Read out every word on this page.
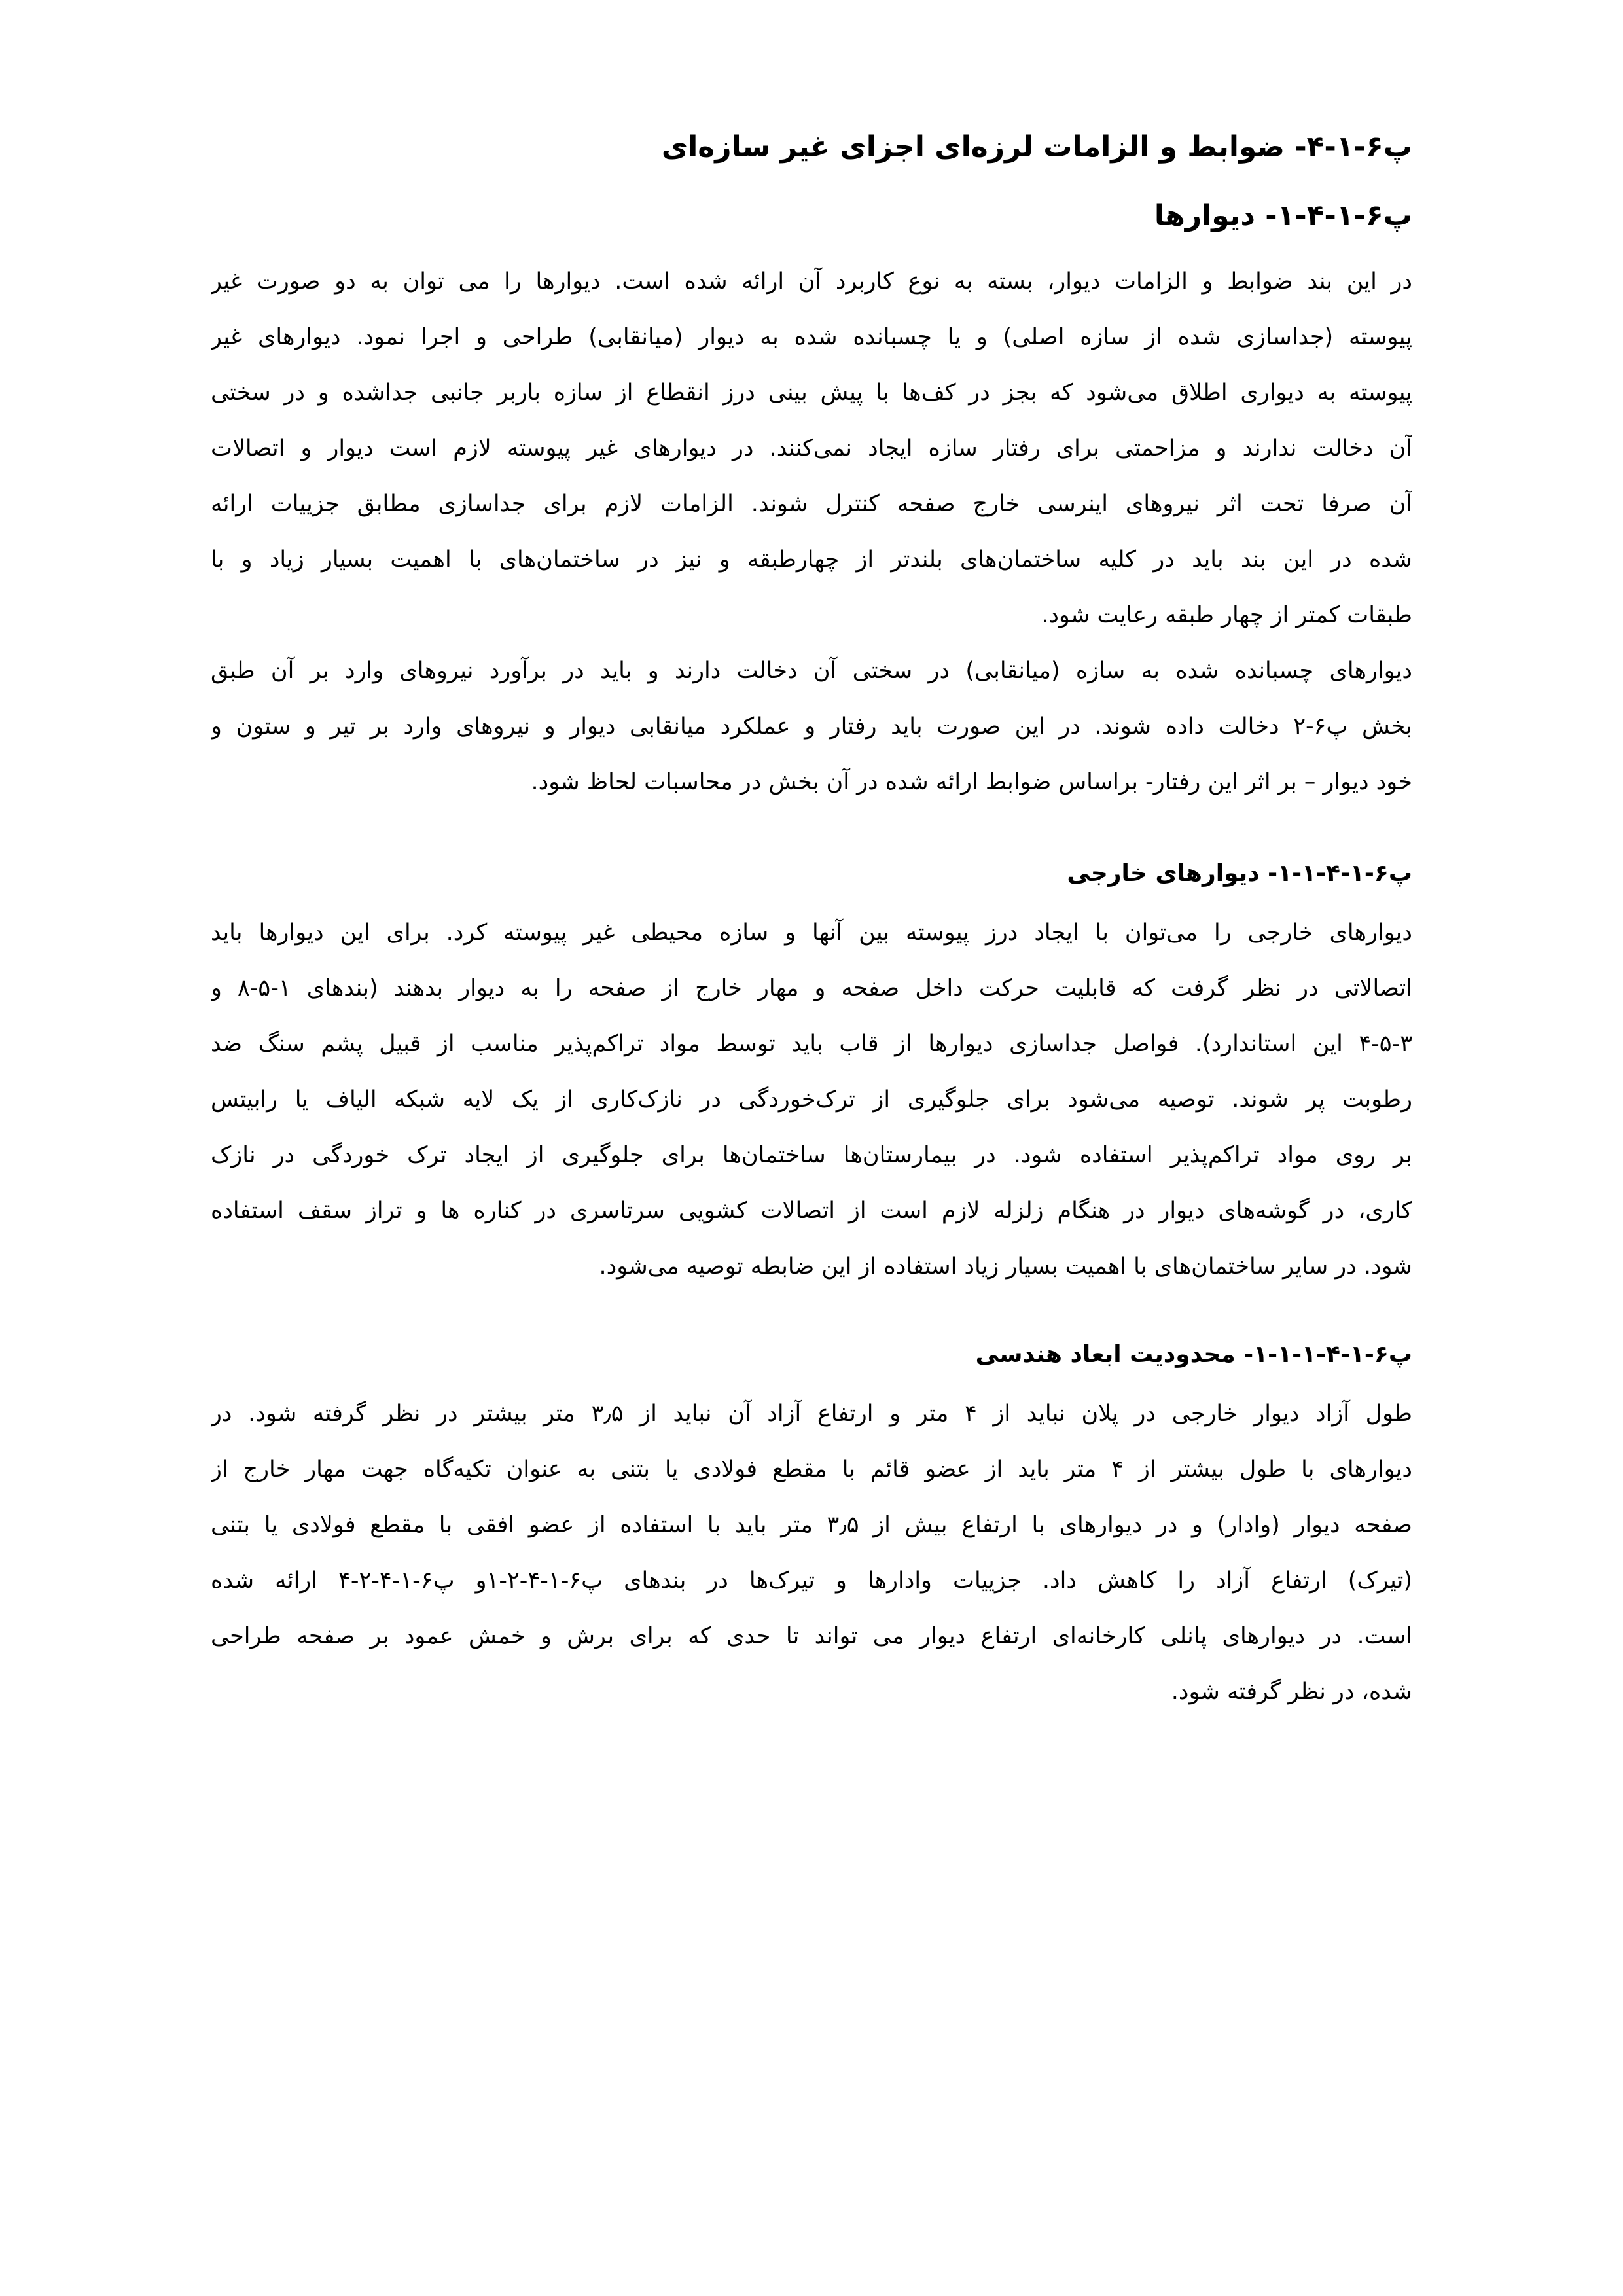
پ۶-۱-۴- ضوابط و الزامات لرزه‌ای اجزای غیر سازه‌ای
پ۶-۱-۴-۱- دیوارها
در این بند ضوابط و الزامات دیوار، بسته به نوع کاربرد آن ارائه شده است. دیوارها را می توان به دو صورت غیر
پیوسته (جداسازی شده از سازه اصلی) و یا چسبانده شده به دیوار (میانقابی) طراحی و اجرا نمود. دیوارهای غیر
پیوسته به دیواری اطلاق می‌شود که بجز در کف‌ها با پیش بینی درز انقطاع از سازه باربر جانبی جداشده و در سختی
آن دخالت ندارند و مزاحمتی برای رفتار سازه ایجاد نمی‌کنند. در دیوارهای غیر پیوسته لازم است دیوار و اتصالات
آن صرفا تحت اثر نیروهای اینرسی خارج صفحه کنترل شوند. الزامات لازم برای جداسازی مطابق جزییات ارائه
شده در این بند باید در کلیه ساختمان‌های بلندتر از چهارطبقه و نیز در ساختمان‌های با اهمیت بسیار زیاد و با
طبقات کمتر از چهار طبقه رعایت شود.
دیوارهای چسبانده شده به سازه (میانقابی) در سختی آن دخالت دارند و باید در برآورد نیروهای وارد بر آن طبق
بخش پ۶-۲ دخالت داده شوند. در این صورت باید رفتار و عملکرد میانقابی دیوار و نیروهای وارد بر تیر و ستون و
خود دیوار – بر اثر این رفتار- براساس ضوابط ارائه شده در آن بخش در محاسبات لحاظ شود.
پ۶-۱-۴-۱-۱- دیوارهای خارجی
دیوارهای خارجی را می‌توان با ایجاد درز پیوسته بین آنها و سازه محیطی غیر پیوسته کرد. برای این دیوارها باید
اتصالاتی در نظر گرفت که قابلیت حرکت داخل صفحه و مهار خارج از صفحه را به دیوار بدهند (بندهای ۱-۵-۸ و
۴-۵-۳ این استاندارد). فواصل جداسازی دیوارها از قاب باید توسط مواد تراکم‌پذیر مناسب از قبیل پشم سنگ ضد
رطوبت پر شوند. توصیه می‌شود برای جلوگیری از ترک‌خوردگی در نازک‌کاری از یک لایه شبکه الیاف یا رابیتس
بر روی مواد تراکم‌پذیر استفاده شود. در بیمارستان‌ها ساختمان‌ها برای جلوگیری از ایجاد ترک خوردگی در نازک
کاری، در گوشه‌های دیوار در هنگام زلزله لازم است از اتصالات کشویی سرتاسری در کناره ها و تراز سقف استفاده
شود. در سایر ساختمان‌های با اهمیت بسیار زیاد استفاده از این ضابطه توصیه می‌شود.
پ۶-۱-۴-۱-۱-۱- محدودیت ابعاد هندسی
طول آزاد دیوار خارجی در پلان نباید از ۴ متر و ارتفاع آزاد آن نباید از ۳٫۵ متر بیشتر در نظر گرفته شود. در
دیوارهای با طول بیشتر از ۴ متر باید از عضو قائم با مقطع فولادی یا بتنی به عنوان تکیه‌گاه جهت مهار خارج از
صفحه دیوار (وادار) و در دیوارهای با ارتفاع بیش از ۳٫۵ متر باید با استفاده از عضو افقی با مقطع فولادی یا بتنی
(تیرک) ارتفاع آزاد را کاهش داد. جزییات وادارها و تیرک‌ها در بندهای پ۶-۱-۴-۲-۱و پ۶-۱-۴-۲-۴ ارائه شده
است. در دیوارهای پانلی کارخانه‌ای ارتفاع دیوار می تواند تا حدی که برای برش و خمش عمود بر صفحه طراحی
شده، در نظر گرفته شود.
